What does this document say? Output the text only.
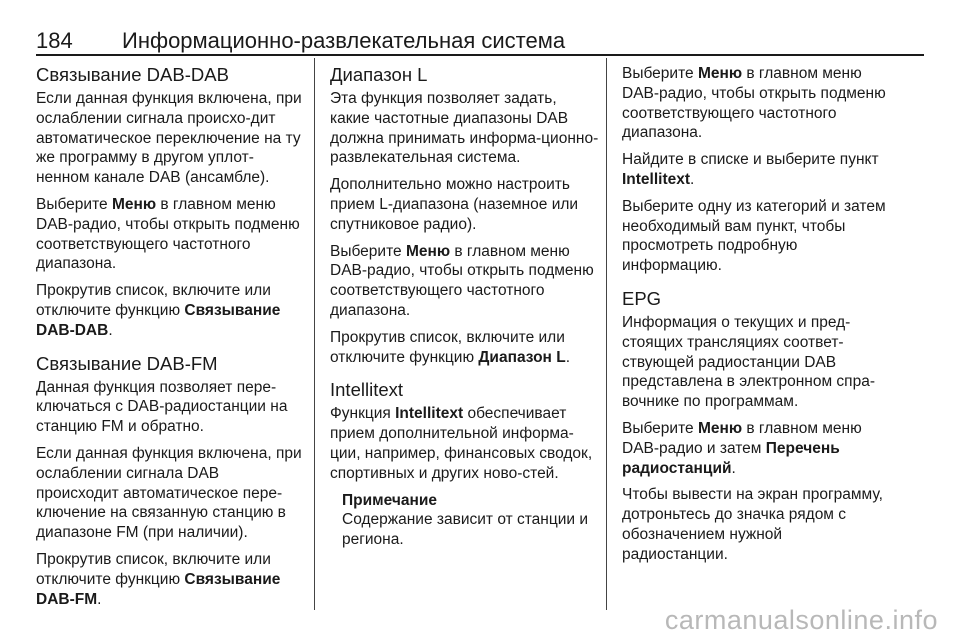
184 Информационно-развлекательная система
Связывание DAB-DAB

Если данная функция включена, при ослаблении сигнала происхо-дит автоматическое переключение на ту же программу в другом уплот-ненном канале DAB (ансамбле).

Выберите Меню в главном меню DAB-радио, чтобы открыть подменю соответствующего частотного диапазона.

Прокрутив список, включите или отключите функцию Связывание DAB-DAB.

Связывание DAB-FM

Данная функция позволяет пере-ключаться с DAB-радиостанции на станцию FM и обратно.

Если данная функция включена, при ослаблении сигнала DAB происходит автоматическое пере-ключение на связанную станцию в диапазоне FM (при наличии).

Прокрутив список, включите или отключите функцию Связывание DAB-FM.

Диапазон L

Эта функция позволяет задать, какие частотные диапазоны DAB должна принимать информа-ционно-развлекательная система.

Дополнительно можно настроить прием L-диапазона (наземное или спутниковое радио).

Выберите Меню в главном меню DAB-радио, чтобы открыть подменю соответствующего частотного диапазона.

Прокрутив список, включите или отключите функцию Диапазон L.

Intellitext

Функция Intellitext обеспечивает прием дополнительной информа-ции, например, финансовых сводок, спортивных и других ново-стей.

Примечание
Содержание зависит от станции и региона.

Выберите Меню в главном меню DAB-радио, чтобы открыть подменю соответствующего частотного диапазона.

Найдите в списке и выберите пункт Intellitext.

Выберите одну из категорий и затем необходимый вам пункт, чтобы просмотреть подробную информацию.

EPG

Информация о текущих и пред-стоящих трансляциях соответ-ствующей радиостанции DAB представлена в электронном спра-вочнике по программам.

Выберите Меню в главном меню DAB-радио и затем Перечень радиостанций.

Чтобы вывести на экран программу, дотроньтесь до значка рядом с обозначением нужной радиостанции.

carmanualsonline.info
